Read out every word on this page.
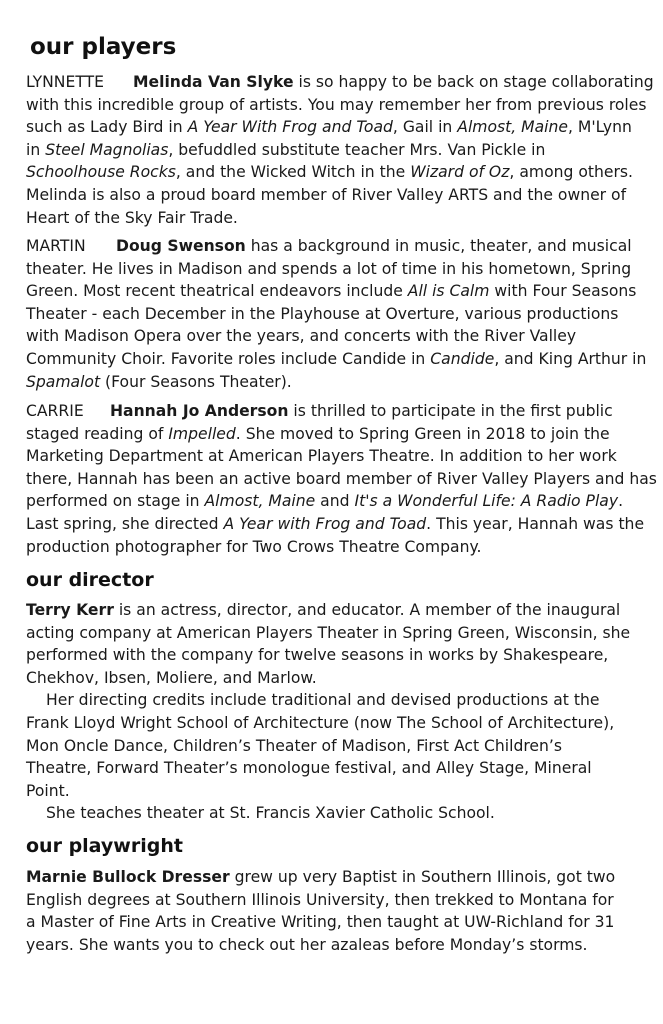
our players
LYNNETTE Melinda Van Slyke is so happy to be back on stage collaborating
with this incredible group of artists. You may remember her from previous roles
such as Lady Bird in A Year With Frog and Toad, Gail in Almost, Maine, M'Lynn
in Steel Magnolias, befuddled substitute teacher Mrs. Van Pickle in
Schoolhouse Rocks, and the Wicked Witch in the Wizard of Oz, among others.
Melinda is also a proud board member of River Valley ARTS and the owner of
Heart of the Sky Fair Trade.
MARTIN Doug Swenson has a background in music, theater, and musical
theater. He lives in Madison and spends a lot of time in his hometown, Spring
Green. Most recent theatrical endeavors include All is Calm with Four Seasons
Theater - each December in the Playhouse at Overture, various productions
with Madison Opera over the years, and concerts with the River Valley
Community Choir. Favorite roles include Candide in Candide, and King Arthur in
Spamalot (Four Seasons Theater).
CARRIE Hannah Jo Anderson is thrilled to participate in the first public
staged reading of Impelled. She moved to Spring Green in 2018 to join the
Marketing Department at American Players Theatre. In addition to her work
there, Hannah has been an active board member of River Valley Players and has
performed on stage in Almost, Maine and It's a Wonderful Life: A Radio Play.
Last spring, she directed A Year with Frog and Toad. This year, Hannah was the
production photographer for Two Crows Theatre Company.
our director
Terry Kerr is an actress, director, and educator. A member of the inaugural
acting company at American Players Theater in Spring Green, Wisconsin, she
performed with the company for twelve seasons in works by Shakespeare,
Chekhov, Ibsen, Moliere, and Marlow.
Her directing credits include traditional and devised productions at the
Frank Lloyd Wright School of Architecture (now The School of Architecture),
Mon Oncle Dance, Children’s Theater of Madison, First Act Children’s
Theatre, Forward Theater’s monologue festival, and Alley Stage, Mineral
Point.
She teaches theater at St. Francis Xavier Catholic School.
our playwright
Marnie Bullock Dresser grew up very Baptist in Southern Illinois, got two
English degrees at Southern Illinois University, then trekked to Montana for
a Master of Fine Arts in Creative Writing, then taught at UW-Richland for 31
years. She wants you to check out her azaleas before Monday’s storms.
